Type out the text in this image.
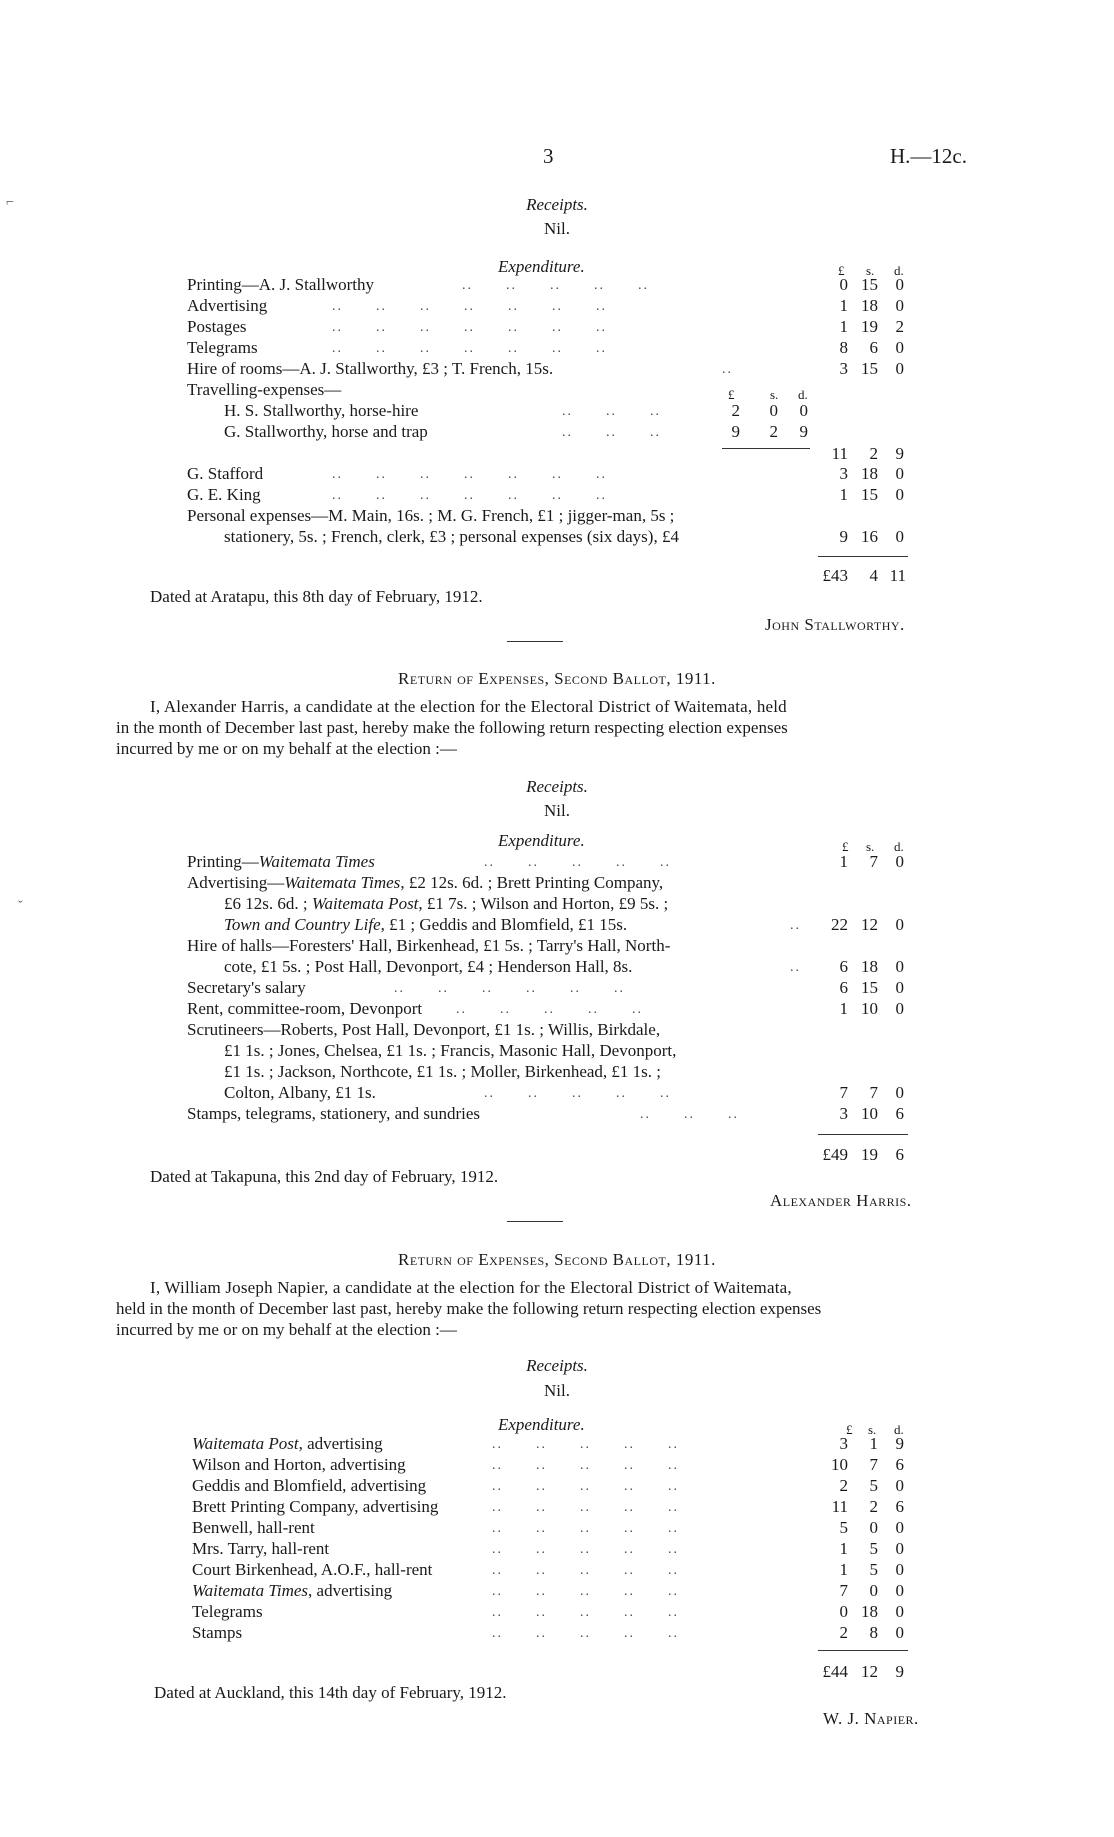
3	H.—12c.
⌐
ˇ
Receipts.
Nil.
Expenditure.	£ s. d.
Printing—A. J. Stallworthy	..      ..      ..      ..      ..	0 15	0
Advertising	..      ..      ..      ..      ..      ..      ..	1 18	0
Postages	..      ..      ..      ..      ..      ..      ..	1 19	2
Telegrams	..      ..      ..      ..      ..      ..      ..	8	6	0
Hire of rooms—A. J. Stallworthy, £3 ; T. French, 15s.	..	3 15	0
Travelling-expenses—	£	s. d.
H. S. Stallworthy, horse-hire	..      ..      ..	2	0	0
G. Stallworthy, horse and trap	..      ..      ..	9	2	9
11	2	9
G. Stafford	..      ..      ..      ..      ..      ..      ..	3 18	0
G. E. King	..      ..      ..      ..      ..      ..      ..	1 15	0
Personal expenses—M. Main, 16s. ; M. G. French, £1 ; jigger-man, 5s ;
stationery, 5s. ; French, clerk, £3 ; personal expenses (six days), £4	9 16	0
£43	4 11
Dated at Aratapu, this 8th day of February, 1912.
John Stallworthy.
Return of Expenses, Second Ballot, 1911.
I, Alexander Harris, a candidate at the election for the Electoral District of Waitemata, held
in the month of December last past, hereby make the following return respecting election expenses
incurred by me or on my behalf at the election :—
Receipts.
Nil.
Expenditure.	£ s. d.
Printing—Waitemata Times	..      ..      ..      ..      ..	1	7	0
Advertising—Waitemata Times, £2 12s. 6d. ; Brett Printing Company,
£6 12s. 6d. ; Waitemata Post, £1 7s. ; Wilson and Horton, £9 5s. ;
Town and Country Life, £1 ; Geddis and Blomfield, £1 15s.	..	22 12	0
Hire of halls—Foresters' Hall, Birkenhead, £1 5s. ; Tarry's Hall, North-
cote, £1 5s. ; Post Hall, Devonport, £4 ; Henderson Hall, 8s.	..	6 18	0
Secretary's salary	..      ..      ..      ..      ..      ..	6 15	0
Rent, committee-room, Devonport ..      ..      ..      ..      ..	1 10	0
Scrutineers—Roberts, Post Hall, Devonport, £1 1s. ; Willis, Birkdale,
£1 1s. ; Jones, Chelsea, £1 1s. ; Francis, Masonic Hall, Devonport,
£1 1s. ; Jackson, Northcote, £1 1s. ; Moller, Birkenhead, £1 1s. ;
Colton, Albany, £1 1s.	..      ..      ..      ..      ..	7	7	0
Stamps, telegrams, stationery, and sundries	..      ..      ..	3 10	6
£49 19	6
Dated at Takapuna, this 2nd day of February, 1912.
Alexander Harris.
Return of Expenses, Second Ballot, 1911.
I, William Joseph Napier, a candidate at the election for the Electoral District of Waitemata,
held in the month of December last past, hereby make the following return respecting election expenses
incurred by me or on my behalf at the election :—
Receipts.
Nil.
Expenditure.	£ s. d.
Waitemata Post, advertising	..      ..      ..      ..      ..	3	1	9
Wilson and Horton, advertising	..      ..      ..      ..      ..	10	7	6
Geddis and Blomfield, advertising	..      ..      ..      ..      ..	2	5	0
Brett Printing Company, advertising	..      ..      ..      ..      ..	11	2	6
Benwell, hall-rent	..      ..      ..      ..      ..	5	0	0
Mrs. Tarry, hall-rent	..      ..      ..      ..      ..	1	5	0
Court Birkenhead, A.O.F., hall-rent	..      ..      ..      ..      ..	1	5	0
Waitemata Times, advertising	..      ..      ..      ..      ..	7	0	0
Telegrams	..      ..      ..      ..      ..	0 18	0
Stamps	..      ..      ..      ..      ..	2	8	0
£44 12	9
Dated at Auckland, this 14th day of February, 1912.
W. J. Napier.
